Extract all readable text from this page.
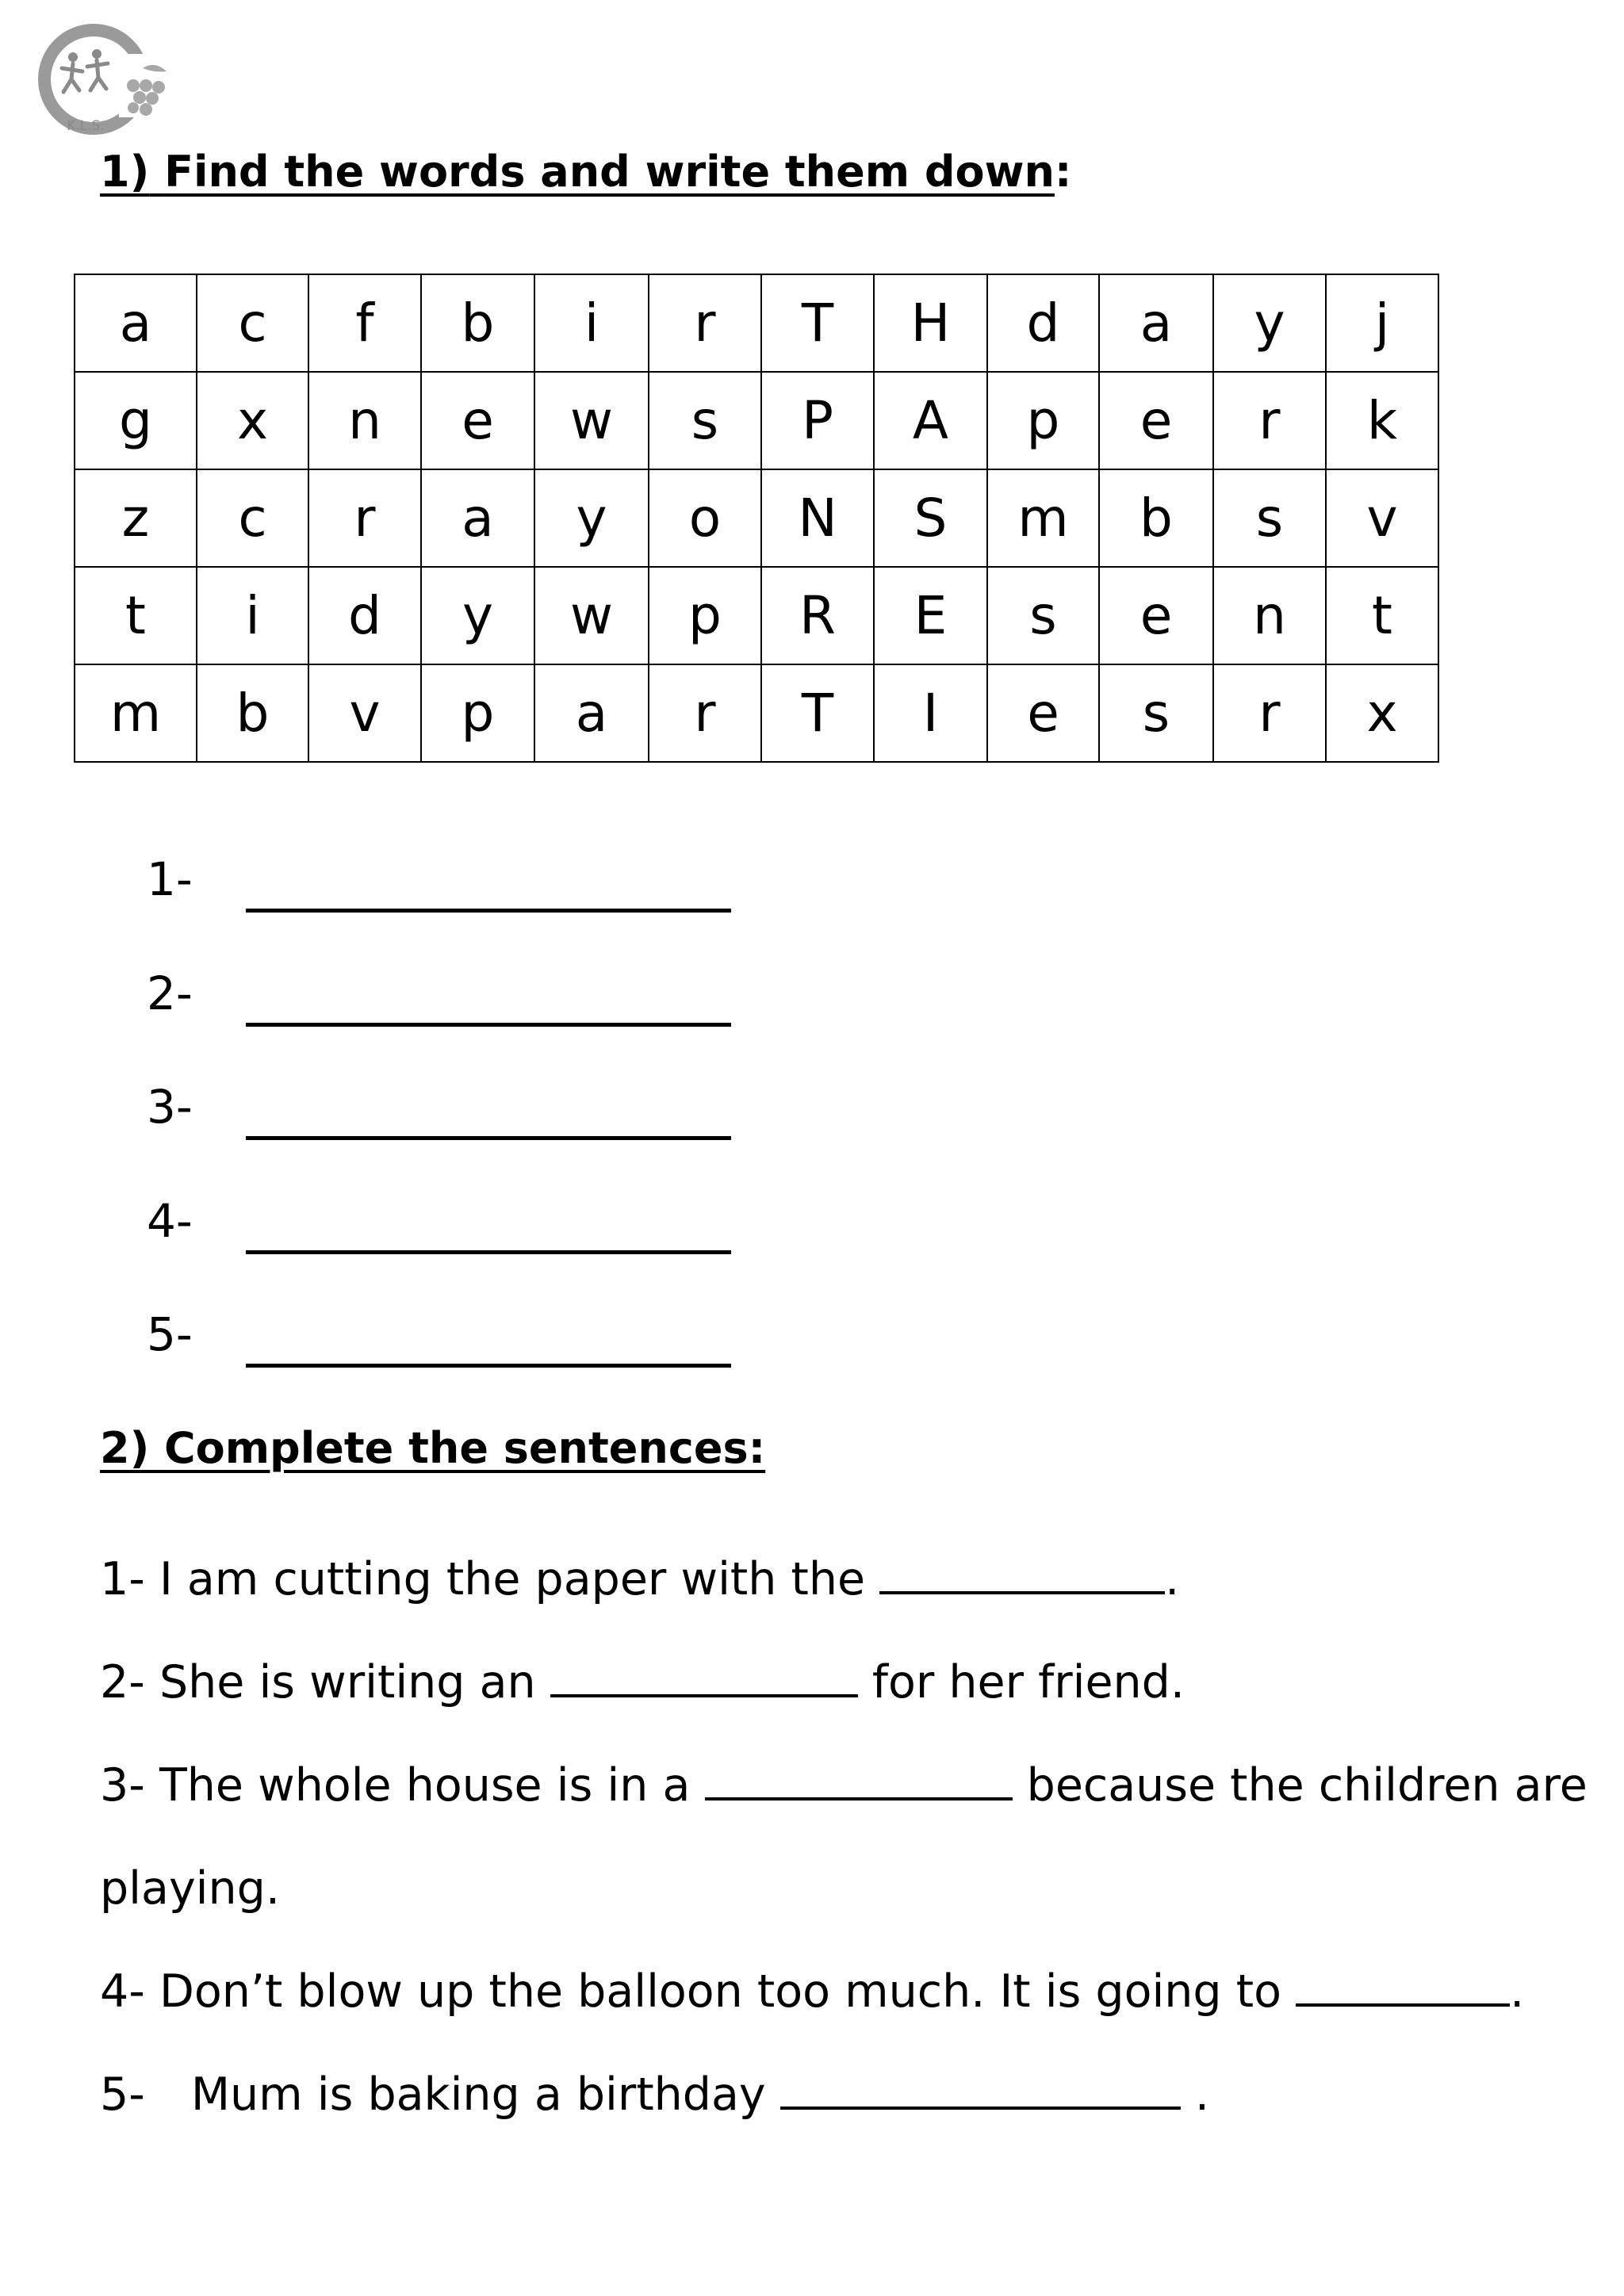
K.L.S.
1) Find the words and write them down:
a	c	f	b	i	r	T	H	d	a	y	j
g	x	n	e	w	s	P	A	p	e	r	k
z	c	r	a	y	o	N	S	m	b	s	v
t	i	d	y	w	p	R	E	s	e	n	t
m	b	v	p	a	r	T	I	e	s	r	x
1-
2-
3-
4-
5-
2) Complete the sentences:
1- I am cutting the paper with the	.
2- She is writing an	for her friend.
3- The whole house is in a	because the children are
playing.
4- Don’t blow up the balloon too much. It is going to	.
5- Mum is baking a birthday	.
